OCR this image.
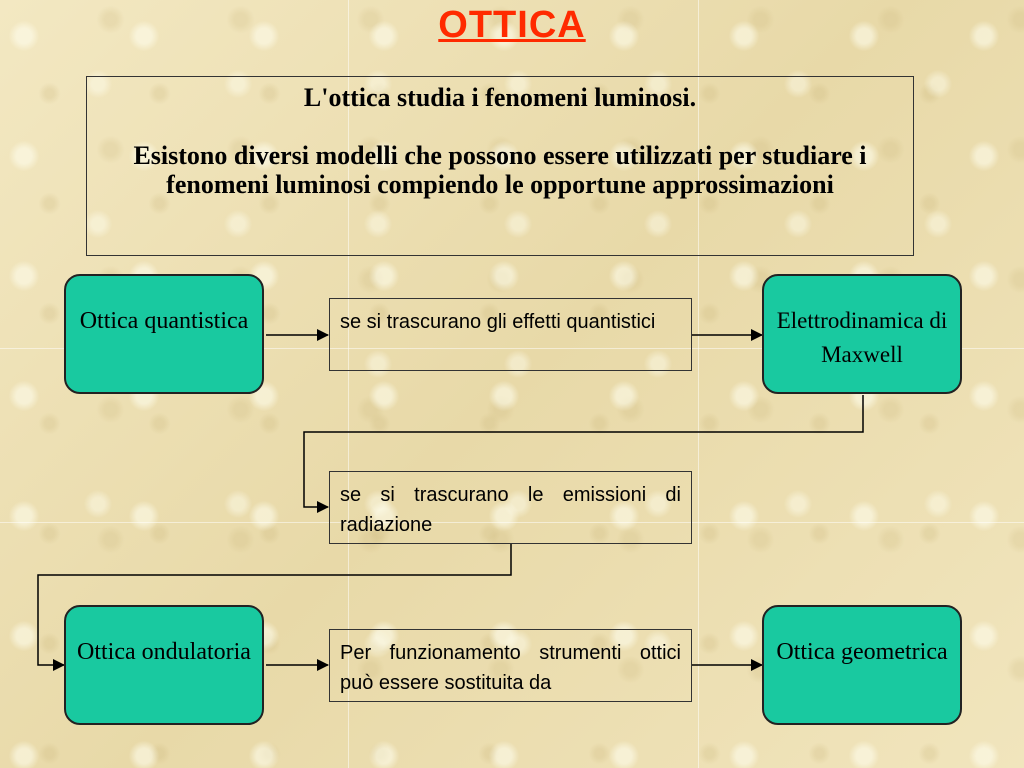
OTTICA

L'ottica studia i fenomeni luminosi.

Esistono diversi modelli che possono essere utilizzati per studiare i fenomeni luminosi compiendo le opportune approssimazioni

Ottica quantistica	Elettrodinamica di Maxwell
Ottica ondulatoria	Ottica geometrica
se si trascurano gli effetti quantistici
se si trascurano le emissioni di radiazione
Per funzionamento strumenti ottici può essere sostituita da
